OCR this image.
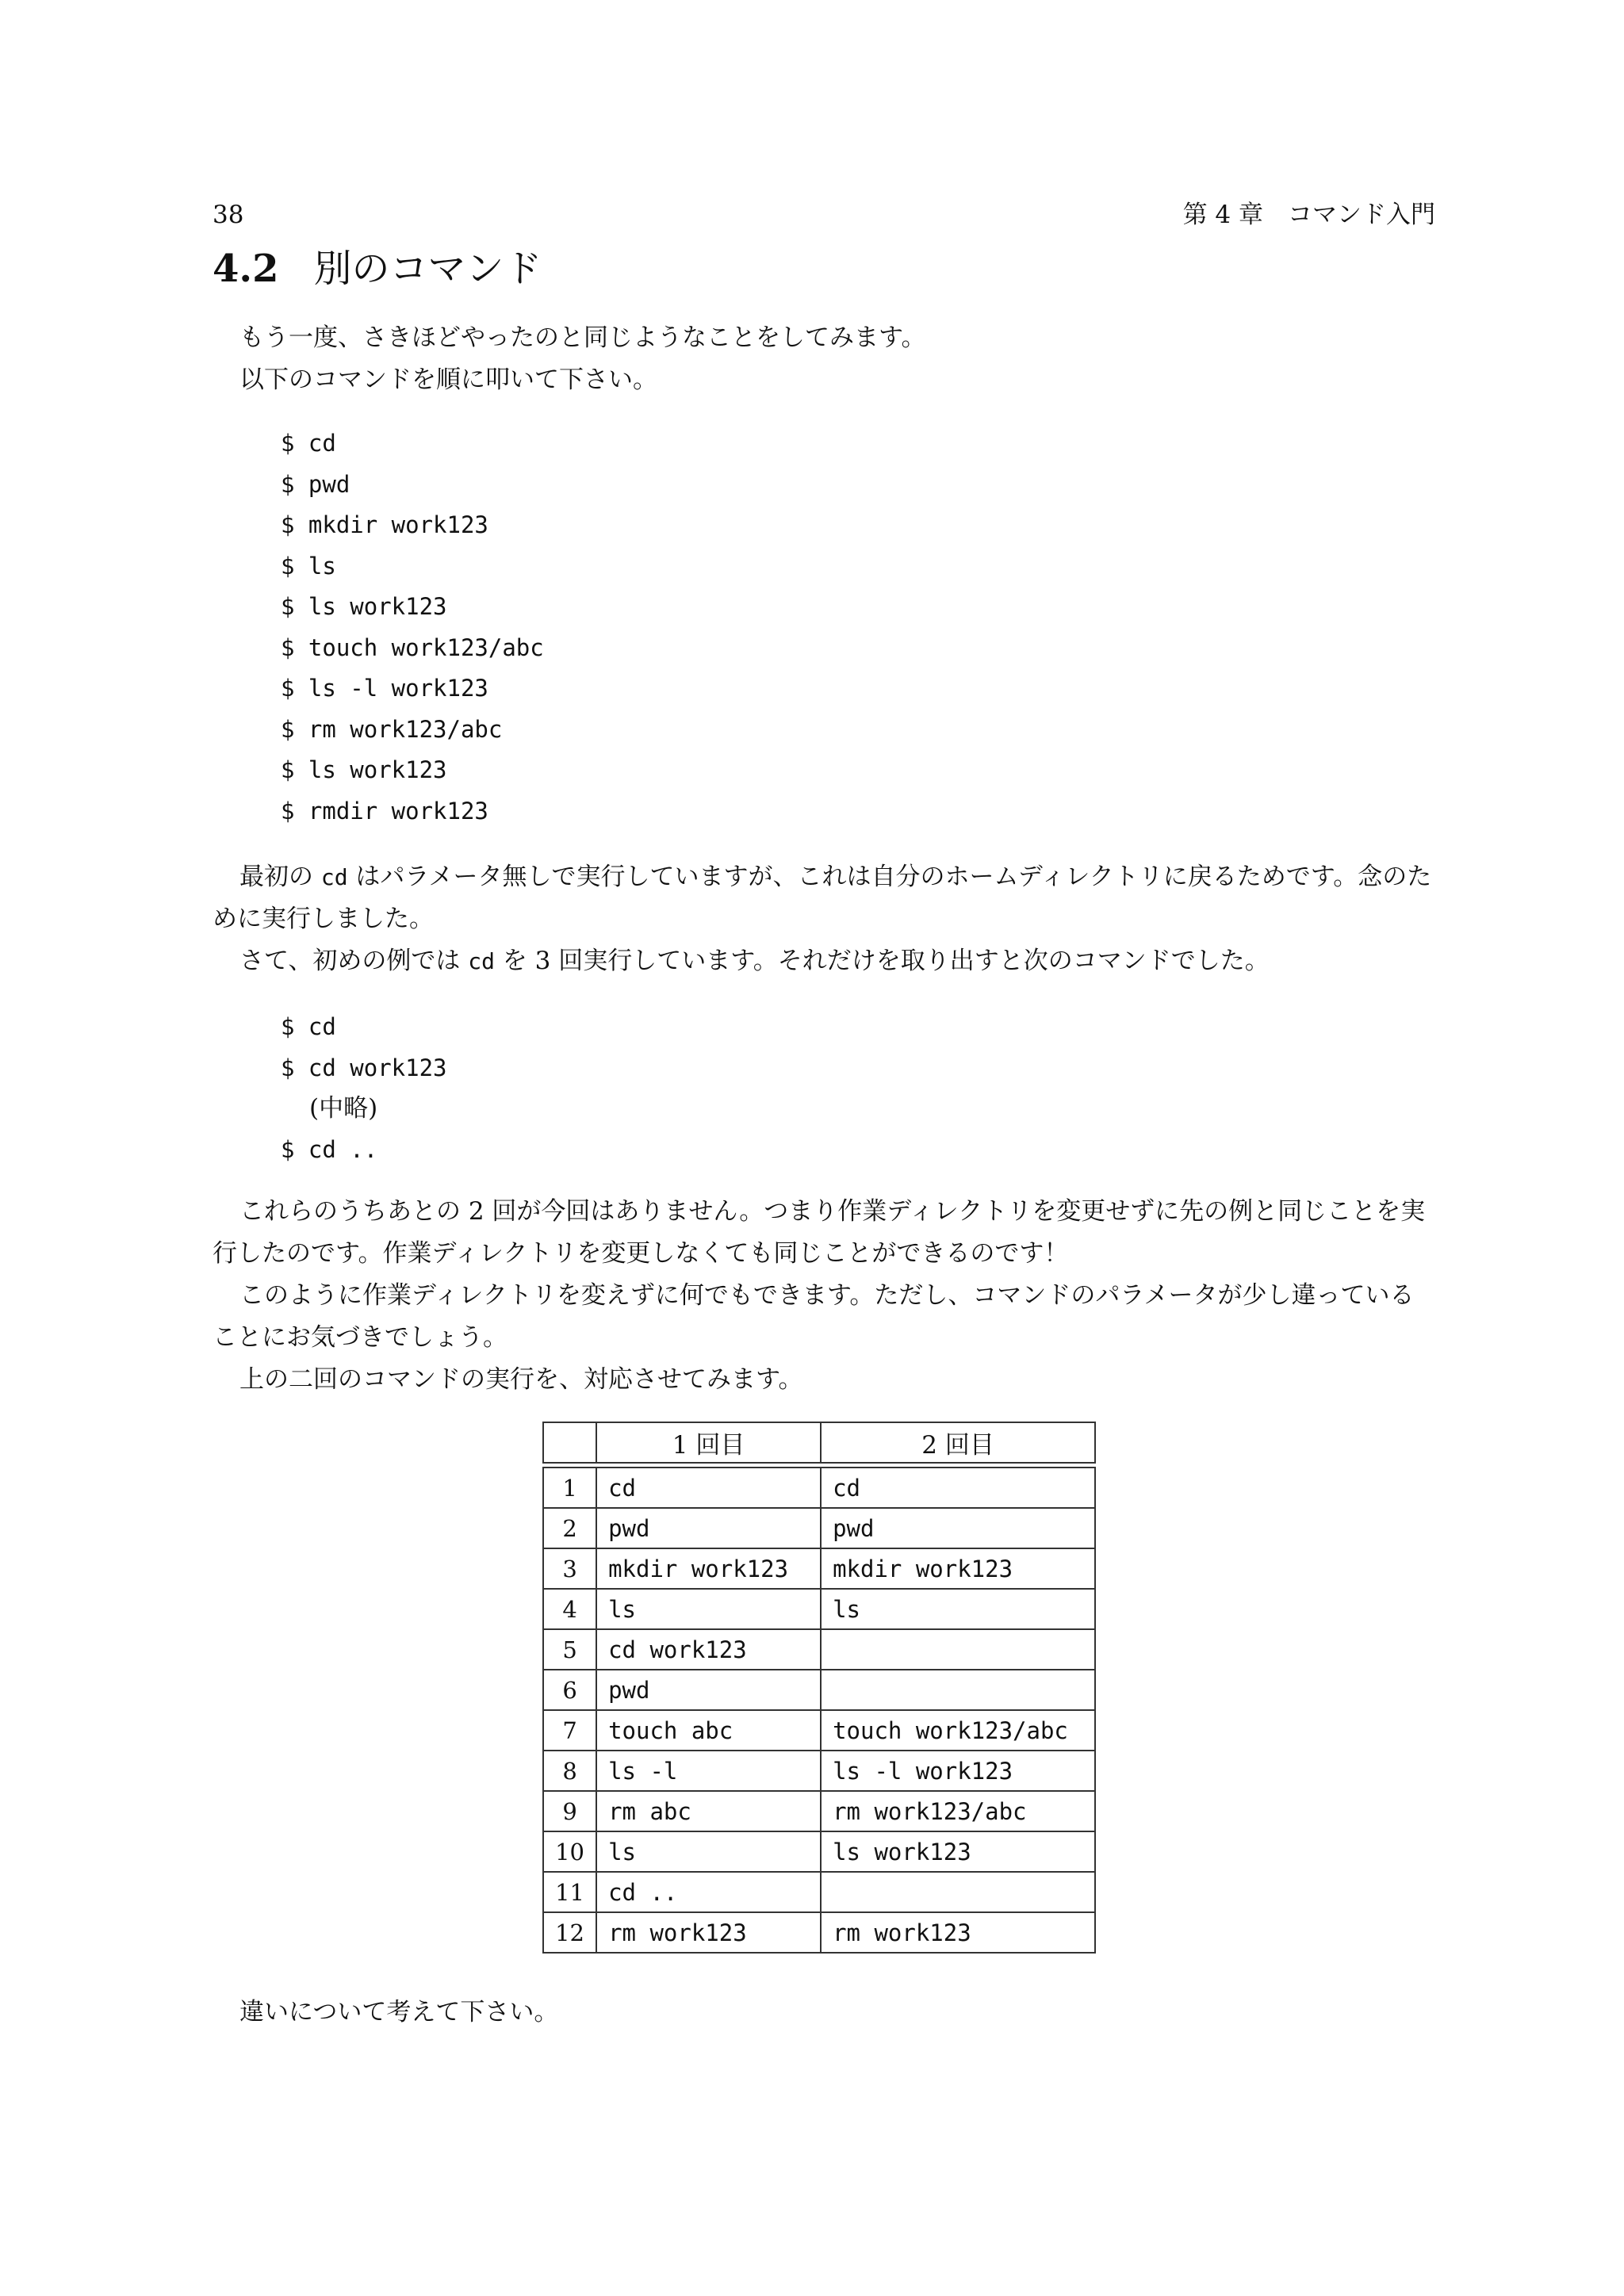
38	第 4 章　コマンド入門
4.2 別のコマンド

もう一度、さきほどやったのと同じようなことをしてみます。

以下のコマンドを順に叩いて下さい。

$ cd
$ pwd
$ mkdir work123
$ ls
$ ls work123
$ touch work123/abc
$ ls -l work123
$ rm work123/abc
$ ls work123
$ rmdir work123

最初の cd はパラメータ無しで実行していますが、これは自分のホームディレクトリに戻るためです。念のために実行しました。

さて、初めの例では cd を 3 回実行しています。それだけを取り出すと次のコマンドでした。

$ cd
$ cd work123
(中略)
$ cd ..

これらのうちあとの 2 回が今回はありません。つまり作業ディレクトリを変更せずに先の例と同じことを実行したのです。作業ディレクトリを変更しなくても同じことができるのです！

このように作業ディレクトリを変えずに何でもできます。ただし、コマンドのパラメータが少し違っていることにお気づきでしょう。

上の二回のコマンドの実行を、対応させてみます。

	1 回目	2 回目

1	cd	cd
2	pwd	pwd
3	mkdir work123	mkdir work123
4	ls	ls
5	cd work123	
6	pwd	
7	touch abc	touch work123/abc
8	ls -l	ls -l work123
9	rm abc	rm work123/abc
10	ls	ls work123
11	cd ..	
12	rm work123	rm work123

違いについて考えて下さい。
